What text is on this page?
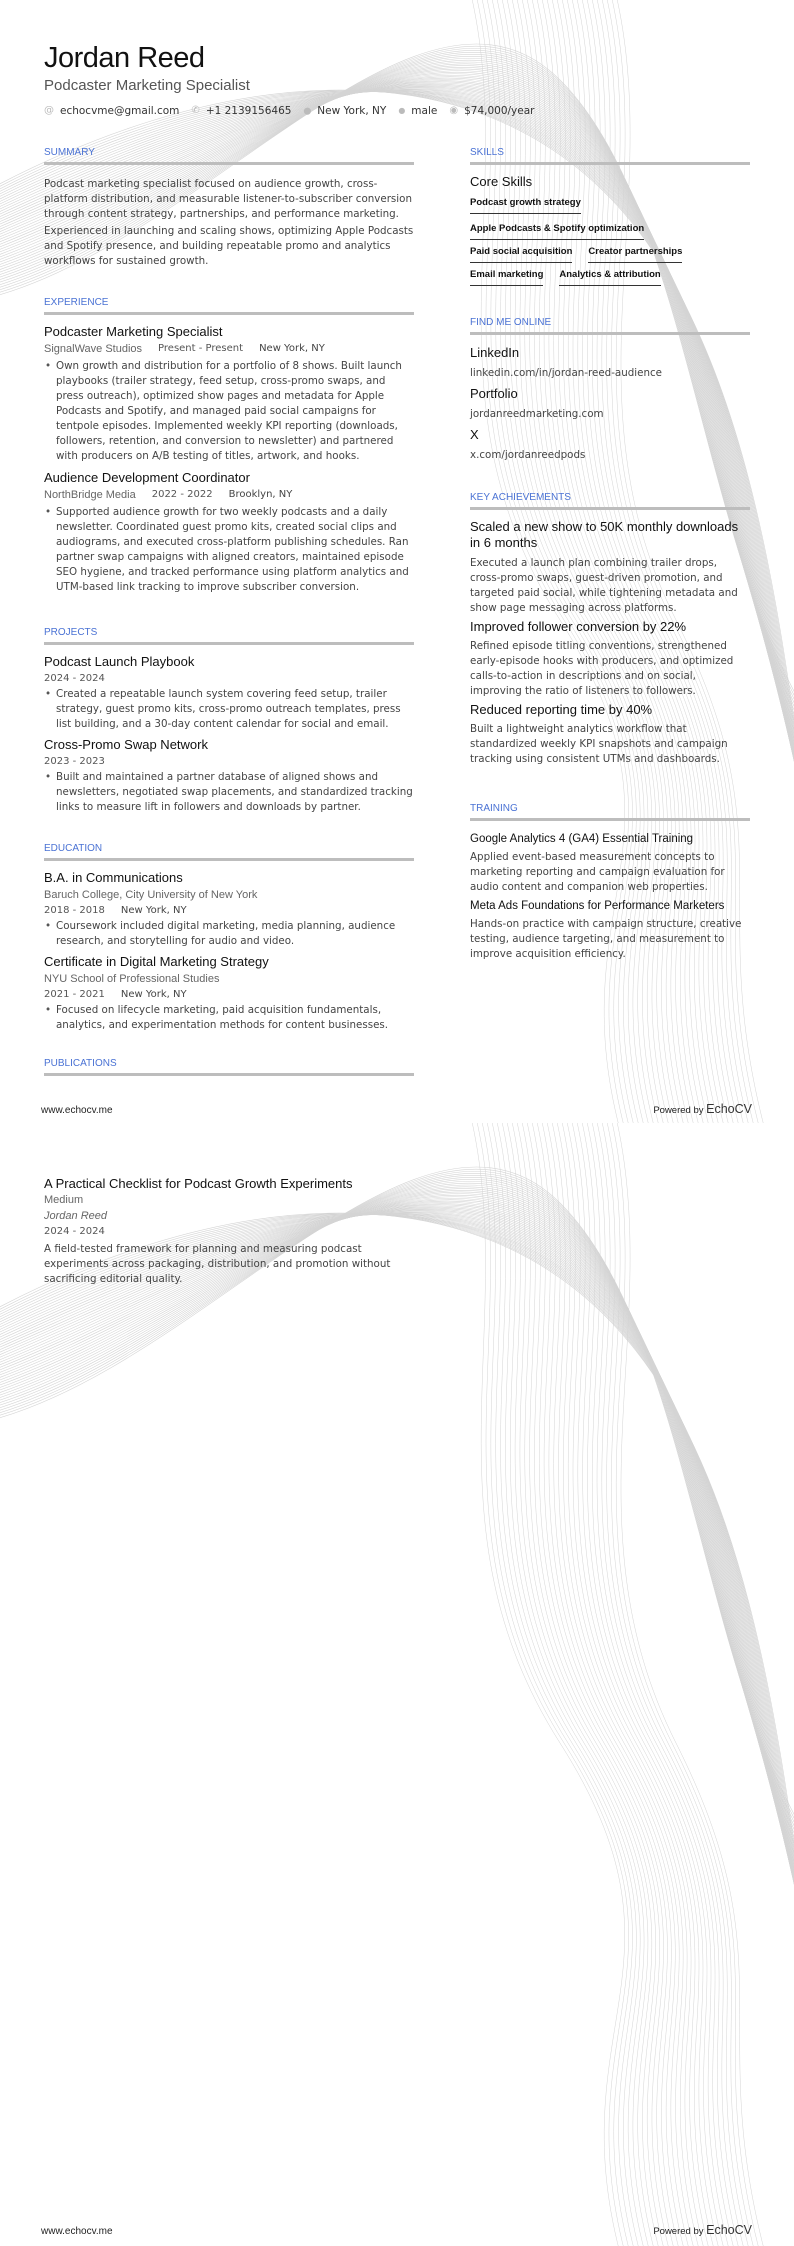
Jordan Reed
Podcaster Marketing Specialist
@ echocvme@gmail.com ✆ +1 2139156465 ⬤ New York, NY ● male ◉ $74,000/year
SUMMARY
Podcast marketing specialist focused on audience growth, cross-platform distribution, and measurable listener-to-subscriber conversion through content strategy, partnerships, and performance marketing.
Experienced in launching and scaling shows, optimizing Apple Podcasts and Spotify presence, and building repeatable promo and analytics workflows for sustained growth.
EXPERIENCE
Podcaster Marketing Specialist
SignalWave Studios Present - Present New York, NY
• Own growth and distribution for a portfolio of 8 shows. Built launch playbooks (trailer strategy, feed setup, cross-promo swaps, and press outreach), optimized show pages and metadata for Apple Podcasts and Spotify, and managed paid social campaigns for tentpole episodes. Implemented weekly KPI reporting (downloads, followers, retention, and conversion to newsletter) and partnered with producers on A/B testing of titles, artwork, and hooks.
Audience Development Coordinator
NorthBridge Media 2022 - 2022 Brooklyn, NY
• Supported audience growth for two weekly podcasts and a daily newsletter. Coordinated guest promo kits, created social clips and audiograms, and executed cross-platform publishing schedules. Ran partner swap campaigns with aligned creators, maintained episode SEO hygiene, and tracked performance using platform analytics and UTM-based link tracking to improve subscriber conversion.
PROJECTS
Podcast Launch Playbook
2024 - 2024
• Created a repeatable launch system covering feed setup, trailer strategy, guest promo kits, cross-promo outreach templates, press list building, and a 30-day content calendar for social and email.
Cross-Promo Swap Network
2023 - 2023
• Built and maintained a partner database of aligned shows and newsletters, negotiated swap placements, and standardized tracking links to measure lift in followers and downloads by partner.
EDUCATION
B.A. in Communications
Baruch College, City University of New York
2018 - 2018 New York, NY
• Coursework included digital marketing, media planning, audience research, and storytelling for audio and video.
Certificate in Digital Marketing Strategy
NYU School of Professional Studies
2021 - 2021 New York, NY
• Focused on lifecycle marketing, paid acquisition fundamentals, analytics, and experimentation methods for content businesses.
PUBLICATIONS
SKILLS
Core Skills
Podcast growth strategy
Apple Podcasts & Spotify optimization
Paid social acquisition Creator partnerships
Email marketing Analytics & attribution
FIND ME ONLINE
LinkedIn
linkedin.com/in/jordan-reed-audience
Portfolio
jordanreedmarketing.com
X
x.com/jordanreedpods
KEY ACHIEVEMENTS
Scaled a new show to 50K monthly downloads in 6 months
Executed a launch plan combining trailer drops, cross-promo swaps, guest-driven promotion, and targeted paid social, while tightening metadata and show page messaging across platforms.
Improved follower conversion by 22%
Refined episode titling conventions, strengthened early-episode hooks with producers, and optimized calls-to-action in descriptions and on social, improving the ratio of listeners to followers.
Reduced reporting time by 40%
Built a lightweight analytics workflow that standardized weekly KPI snapshots and campaign tracking using consistent UTMs and dashboards.
TRAINING
Google Analytics 4 (GA4) Essential Training
Applied event-based measurement concepts to marketing reporting and campaign evaluation for audio content and companion web properties.
Meta Ads Foundations for Performance Marketers
Hands-on practice with campaign structure, creative testing, audience targeting, and measurement to improve acquisition efficiency.
www.echocv.me	Powered by EchoCV
A Practical Checklist for Podcast Growth Experiments
Medium
Jordan Reed
2024 - 2024
A field-tested framework for planning and measuring podcast experiments across packaging, distribution, and promotion without sacrificing editorial quality.
www.echocv.me	Powered by EchoCV
